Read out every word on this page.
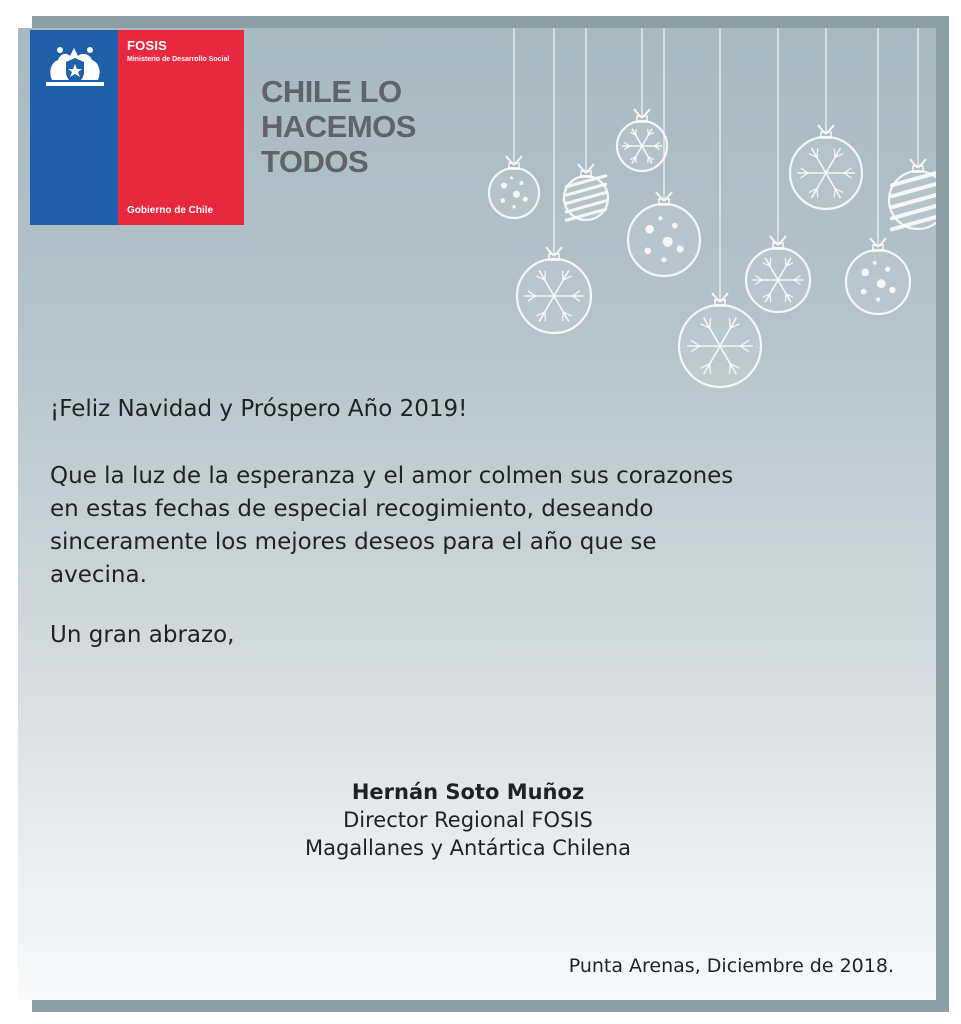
FOSIS
Ministerio de Desarrollo Social
Gobierno de Chile
CHILE LO
HACEMOS
TODOS
¡Feliz Navidad y Próspero Año 2019!
Que la luz de la esperanza y el amor colmen sus corazones
en estas fechas de especial recogimiento, deseando
sinceramente los mejores deseos para el año que se
avecina.
Un gran abrazo,
Hernán Soto Muñoz
Director Regional FOSIS
Magallanes y Antártica Chilena
Punta Arenas, Diciembre de 2018.
